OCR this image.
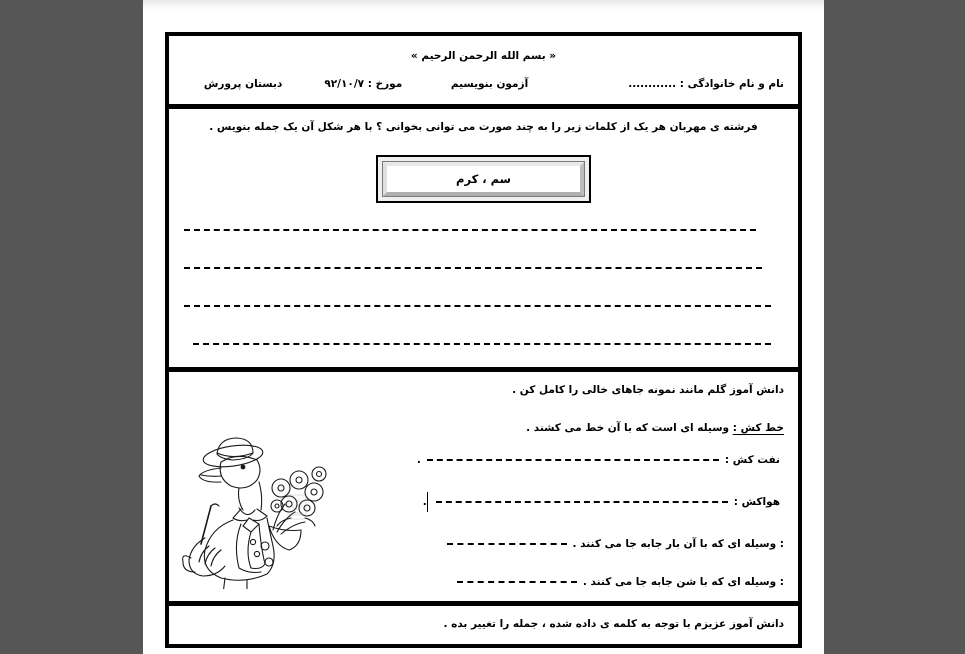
« بسم الله الرحمن الرحیم »
نام و نام خانوادگی : ............
آزمون بنویسیم
مورخ : ۹۲/۱۰/۷
دبستان پرورش
فرشته ی مهربان هر یک از کلمات زیر را به چند صورت می توانی بخوانی ؟ با هر شکل آن یک جمله بنویس .
سم ، کرم
دانش آموز گلم مانند نمونه جاهای خالی را کامل کن .
خط کش : وسیله ای است که با آن خط می کشند .
نفت کش :
.
هواکش :
.
: وسیله ای که با آن بار جابه جا می کنند .
: وسیله ای که با شن جابه جا می کنند .
دانش آموز عزیزم با توجه به کلمه ی داده شده ، جمله را تغییر بده .
